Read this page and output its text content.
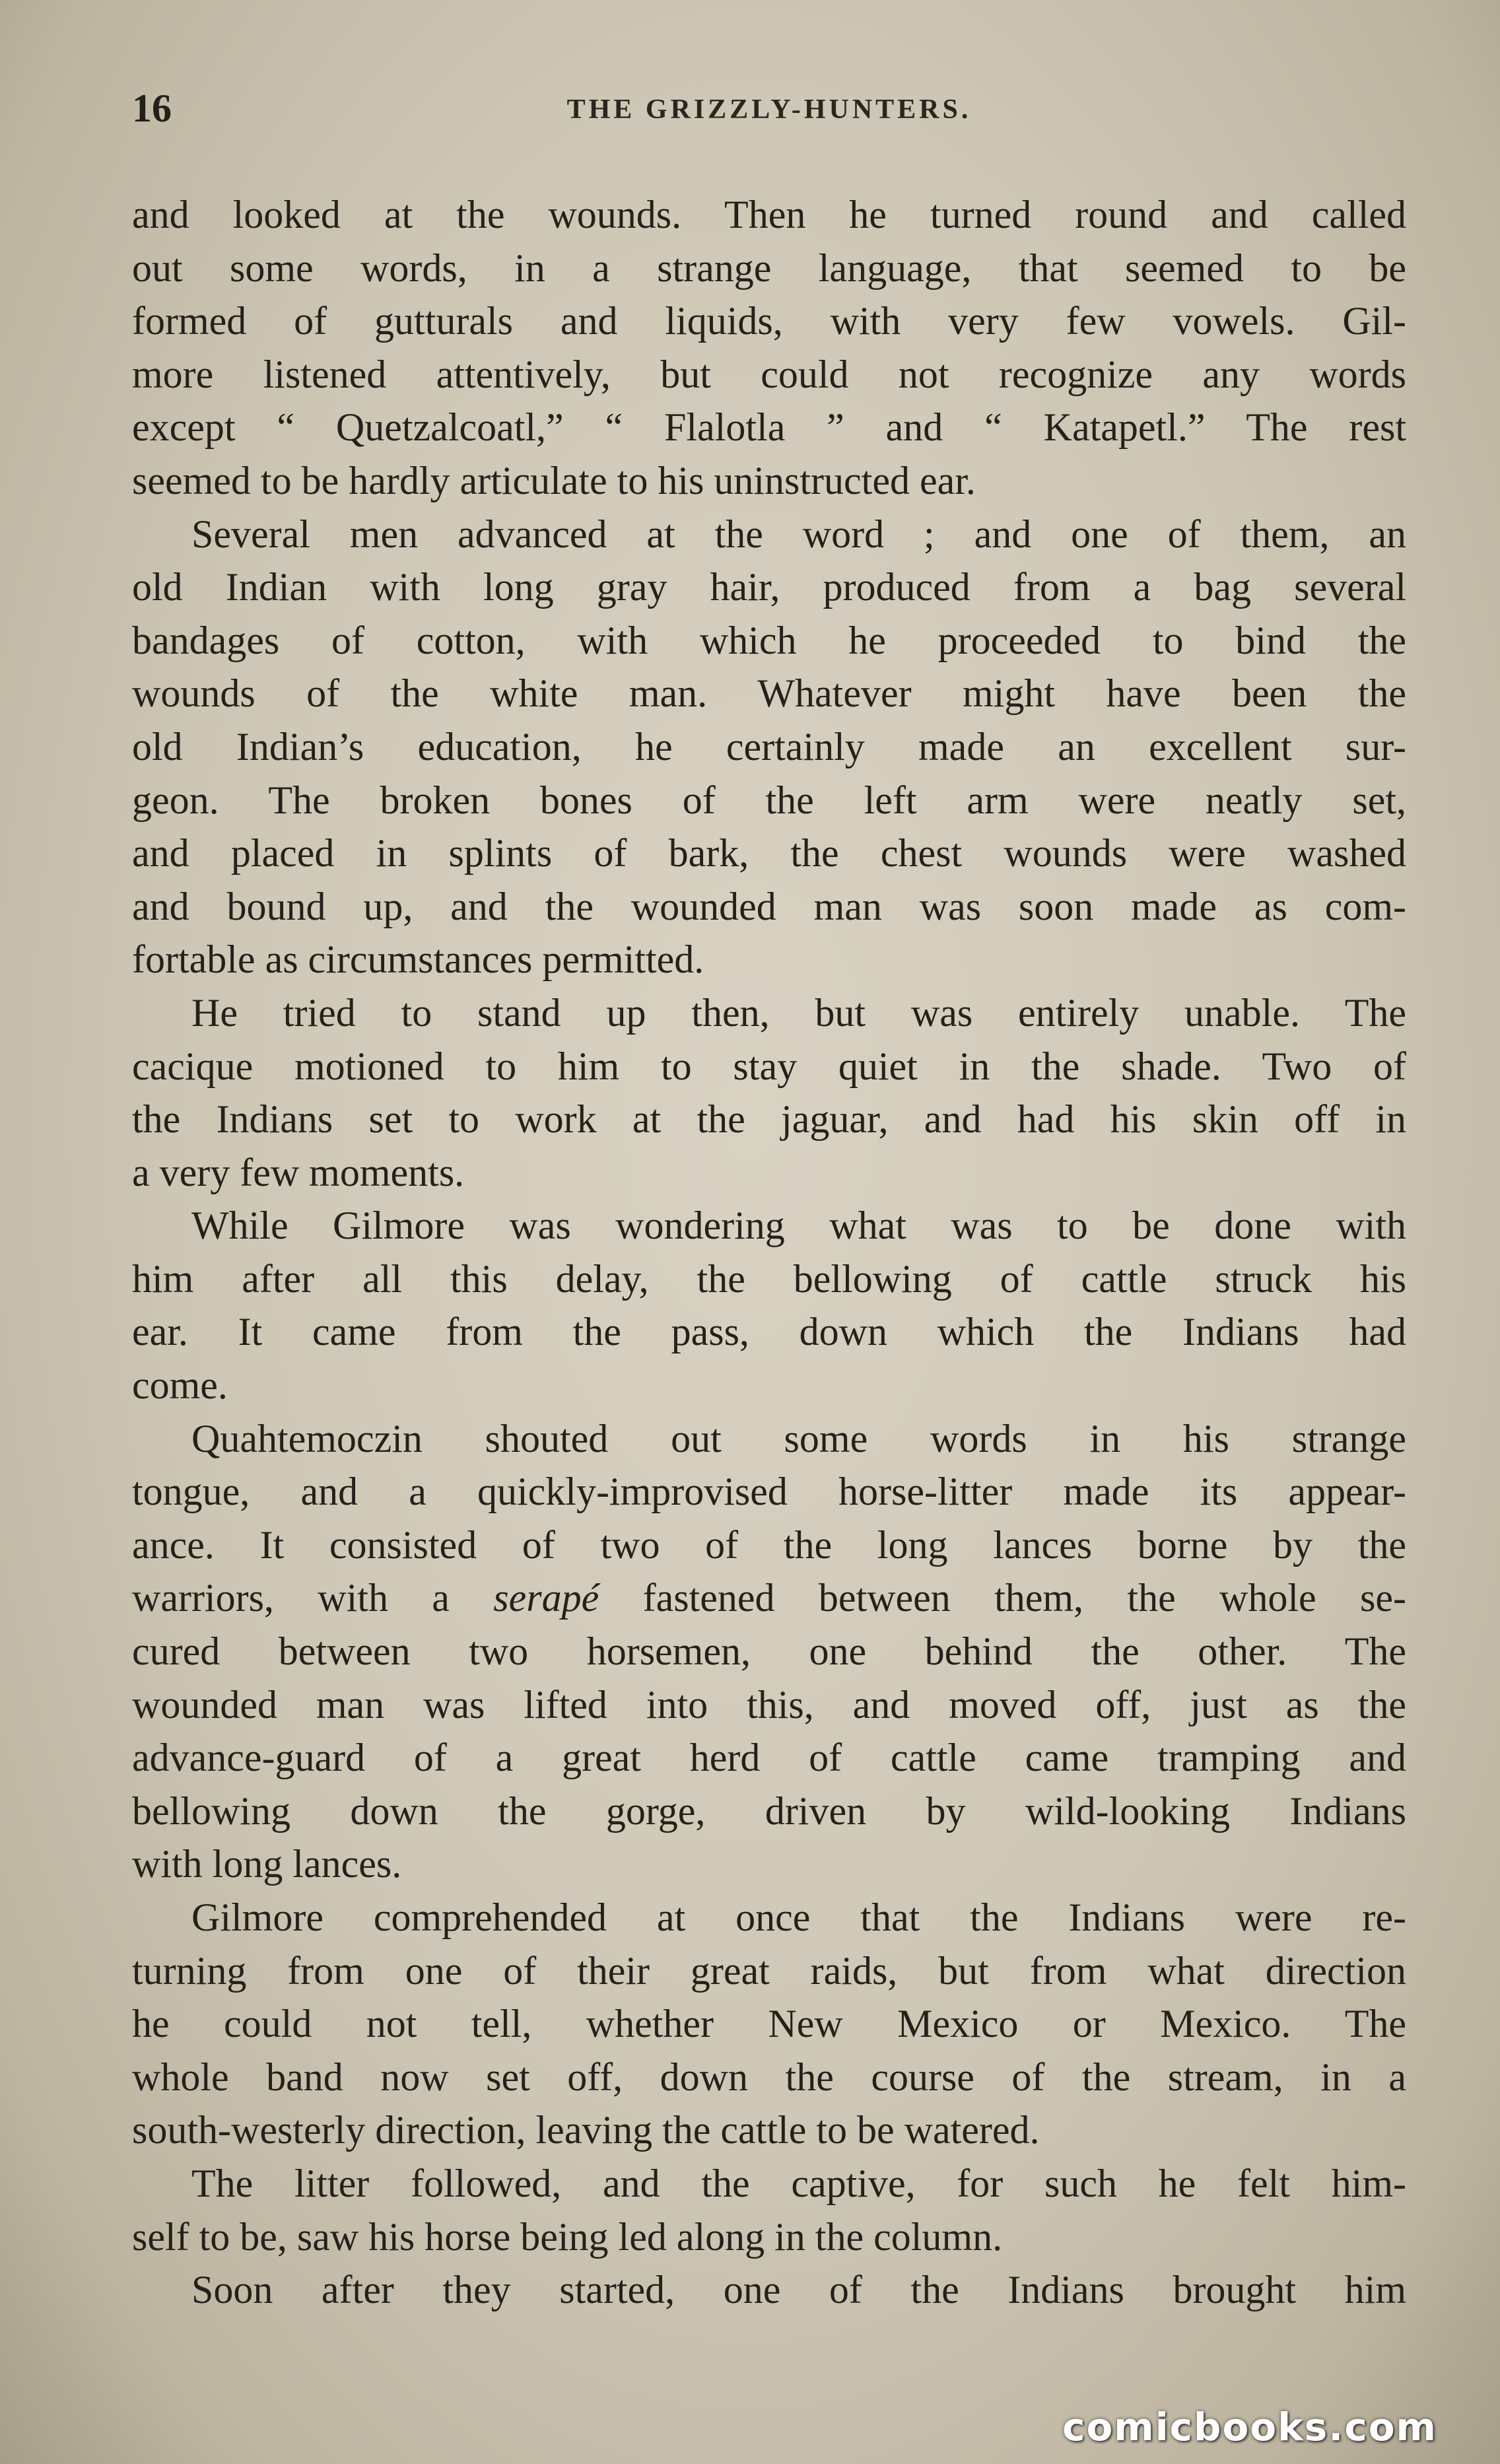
16	THE GRIZZLY-HUNTERS.
and looked at the wounds. Then he turned round and called
out some words, in a strange language, that seemed to be
formed of gutturals and liquids, with very few vowels. Gil-
more listened attentively, but could not recognize any words
except “ Quetzalcoatl,” “ Flalotla ” and “ Katapetl.” The rest
seemed to be hardly articulate to his uninstructed ear.
Several men advanced at the word ; and one of them, an
old Indian with long gray hair, produced from a bag several
bandages of cotton, with which he proceeded to bind the
wounds of the white man. Whatever might have been the
old Indian’s education, he certainly made an excellent sur-
geon. The broken bones of the left arm were neatly set,
and placed in splints of bark, the chest wounds were washed
and bound up, and the wounded man was soon made as com-
fortable as circumstances permitted.
He tried to stand up then, but was entirely unable. The
cacique motioned to him to stay quiet in the shade. Two of
the Indians set to work at the jaguar, and had his skin off in
a very few moments.
While Gilmore was wondering what was to be done with
him after all this delay, the bellowing of cattle struck his
ear. It came from the pass, down which the Indians had
come.
Quahtemoczin shouted out some words in his strange
tongue, and a quickly-improvised horse-litter made its appear-
ance. It consisted of two of the long lances borne by the
warriors, with a serapé fastened between them, the whole se-
cured between two horsemen, one behind the other. The
wounded man was lifted into this, and moved off, just as the
advance-guard of a great herd of cattle came tramping and
bellowing down the gorge, driven by wild-looking Indians
with long lances.
Gilmore comprehended at once that the Indians were re-
turning from one of their great raids, but from what direction
he could not tell, whether New Mexico or Mexico. The
whole band now set off, down the course of the stream, in a
south-westerly direction, leaving the cattle to be watered.
The litter followed, and the captive, for such he felt him-
self to be, saw his horse being led along in the column.
Soon after they started, one of the Indians brought him
comicbooks.com
